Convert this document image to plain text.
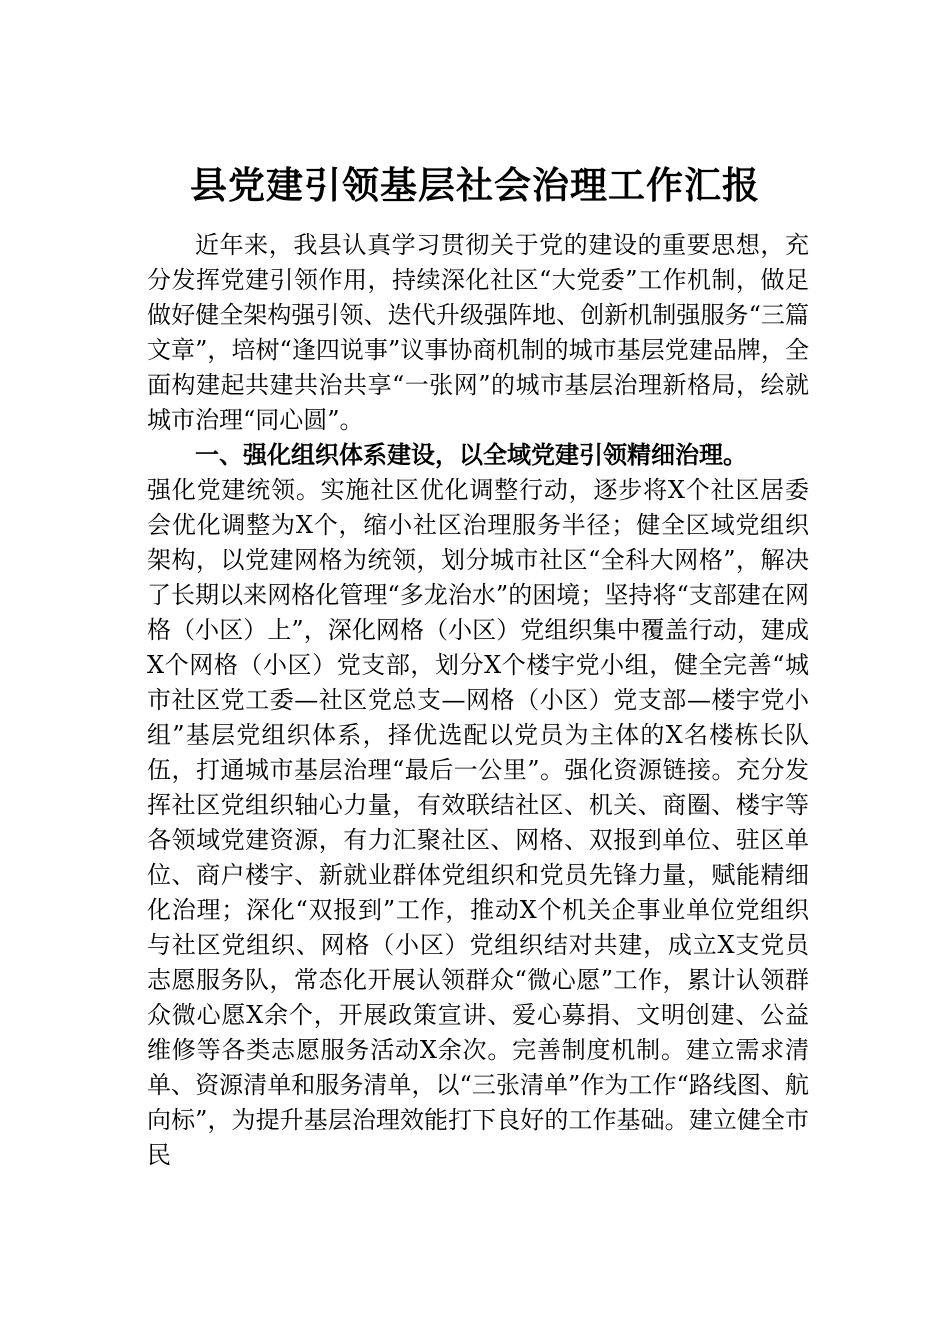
县党建引领基层社会治理工作汇报

近年来，我县认真学习贯彻关于党的建设的重要思想，充分发挥党建引领作用，持续深化社区“大党委”工作机制，做足做好健全架构强引领、迭代升级强阵地、创新机制强服务“三篇文章”，培树“逢四说事”议事协商机制的城市基层党建品牌，全面构建起共建共治共享“一张网”的城市基层治理新格局，绘就城市治理“同心圆”。

一、强化组织体系建设，以全域党建引领精细治理。

强化党建统领。实施社区优化调整行动，逐步将X个社区居委会优化调整为X个，缩小社区治理服务半径；健全区域党组织架构，以党建网格为统领，划分城市社区“全科大网格”，解决了长期以来网格化管理“多龙治水”的困境；坚持将“支部建在网格（小区）上”，深化网格（小区）党组织集中覆盖行动，建成X个网格（小区）党支部，划分X个楼宇党小组，健全完善“城市社区党工委—社区党总支—网格（小区）党支部—楼宇党小组”基层党组织体系，择优选配以党员为主体的X名楼栋长队伍，打通城市基层治理“最后一公里”。强化资源链接。充分发挥社区党组织轴心力量，有效联结社区、机关、商圈、楼宇等各领域党建资源，有力汇聚社区、网格、双报到单位、驻区单位、商户楼宇、新就业群体党组织和党员先锋力量，赋能精细化治理；深化“双报到”工作，推动X个机关企事业单位党组织与社区党组织、网格（小区）党组织结对共建，成立X支党员志愿服务队，常态化开展认领群众“微心愿”工作，累计认领群众微心愿X余个，开展政策宣讲、爱心募捐、文明创建、公益维修等各类志愿服务活动X余次。完善制度机制。建立需求清单、资源清单和服务清单，以“三张清单”作为工作“路线图、航向标”，为提升基层治理效能打下良好的工作基础。建立健全市民
